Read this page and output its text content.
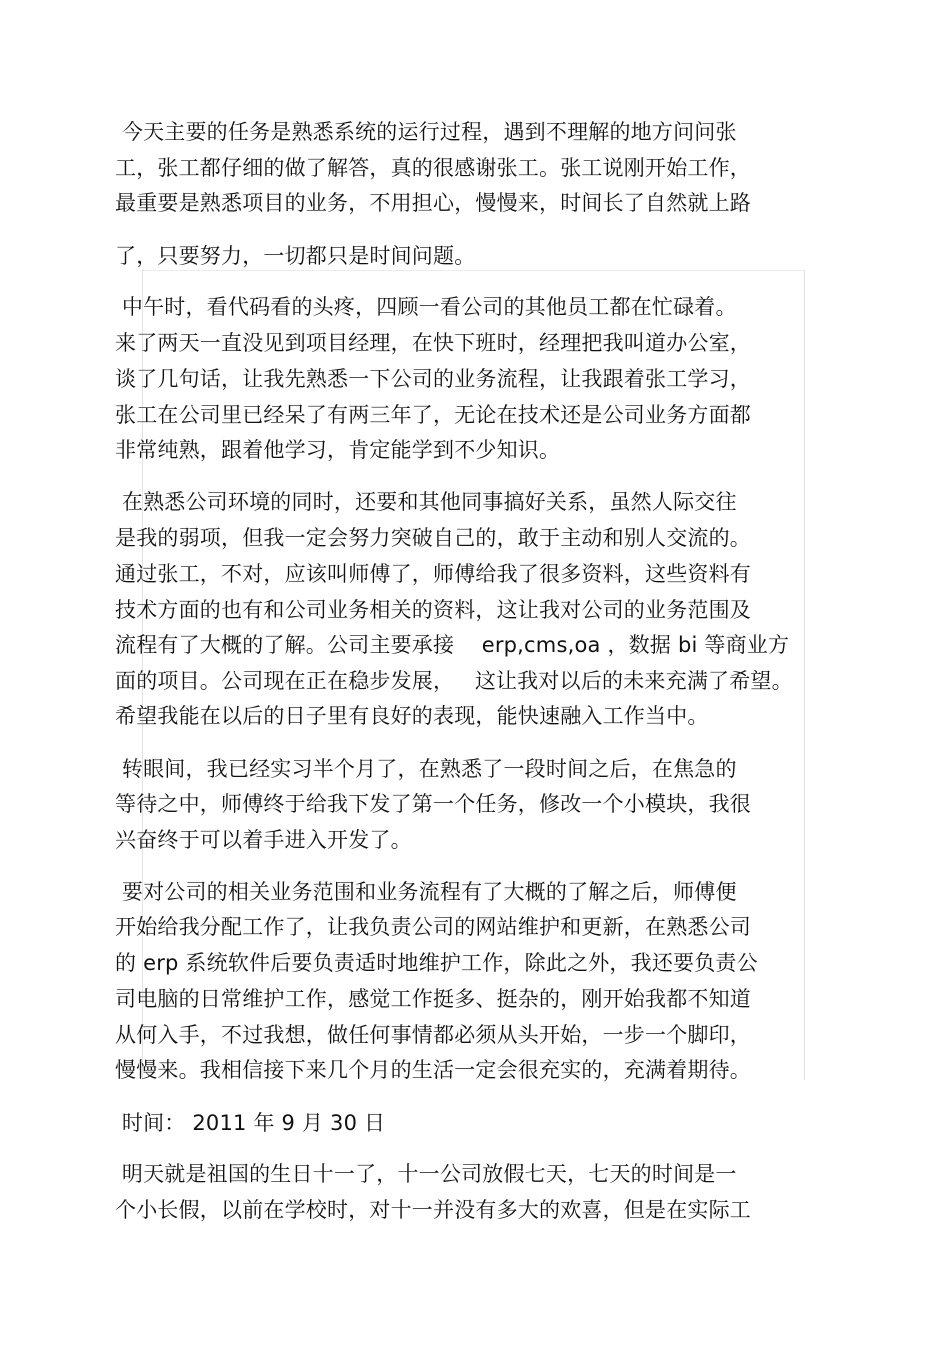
今天主要的任务是熟悉系统的运行过程，遇到不理解的地方问问张
工，张工都仔细的做了解答，真的很感谢张工。张工说刚开始工作，
最重要是熟悉项目的业务，不用担心，慢慢来，时间长了自然就上路
了，只要努力，一切都只是时间问题。
中午时，看代码看的头疼，四顾一看公司的其他员工都在忙碌着。
来了两天一直没见到项目经理，在快下班时，经理把我叫道办公室，
谈了几句话，让我先熟悉一下公司的业务流程，让我跟着张工学习，
张工在公司里已经呆了有两三年了，无论在技术还是公司业务方面都
非常纯熟，跟着他学习，肯定能学到不少知识。
在熟悉公司环境的同时，还要和其他同事搞好关系，虽然人际交往
是我的弱项，但我一定会努力突破自己的，敢于主动和别人交流的。
通过张工，不对，应该叫师傅了，师傅给我了很多资料，这些资料有
技术方面的也有和公司业务相关的资料，这让我对公司的业务范围及
流程有了大概的了解。公司主要承接    erp,cms,oa ，数据 bi 等商业方
面的项目。公司现在正在稳步发展，   这让我对以后的未来充满了希望。
希望我能在以后的日子里有良好的表现，能快速融入工作当中。
转眼间，我已经实习半个月了，在熟悉了一段时间之后，在焦急的
等待之中，师傅终于给我下发了第一个任务，修改一个小模块，我很
兴奋终于可以着手进入开发了。
要对公司的相关业务范围和业务流程有了大概的了解之后，师傅便
开始给我分配工作了，让我负责公司的网站维护和更新，在熟悉公司
的 erp 系统软件后要负责适时地维护工作，除此之外，我还要负责公
司电脑的日常维护工作，感觉工作挺多、挺杂的，刚开始我都不知道
从何入手，不过我想，做任何事情都必须从头开始，一步一个脚印，
慢慢来。我相信接下来几个月的生活一定会很充实的，充满着期待。
时间： 2011 年 9 月 30 日
明天就是祖国的生日十一了，十一公司放假七天，七天的时间是一
个小长假，以前在学校时，对十一并没有多大的欢喜，但是在实际工
